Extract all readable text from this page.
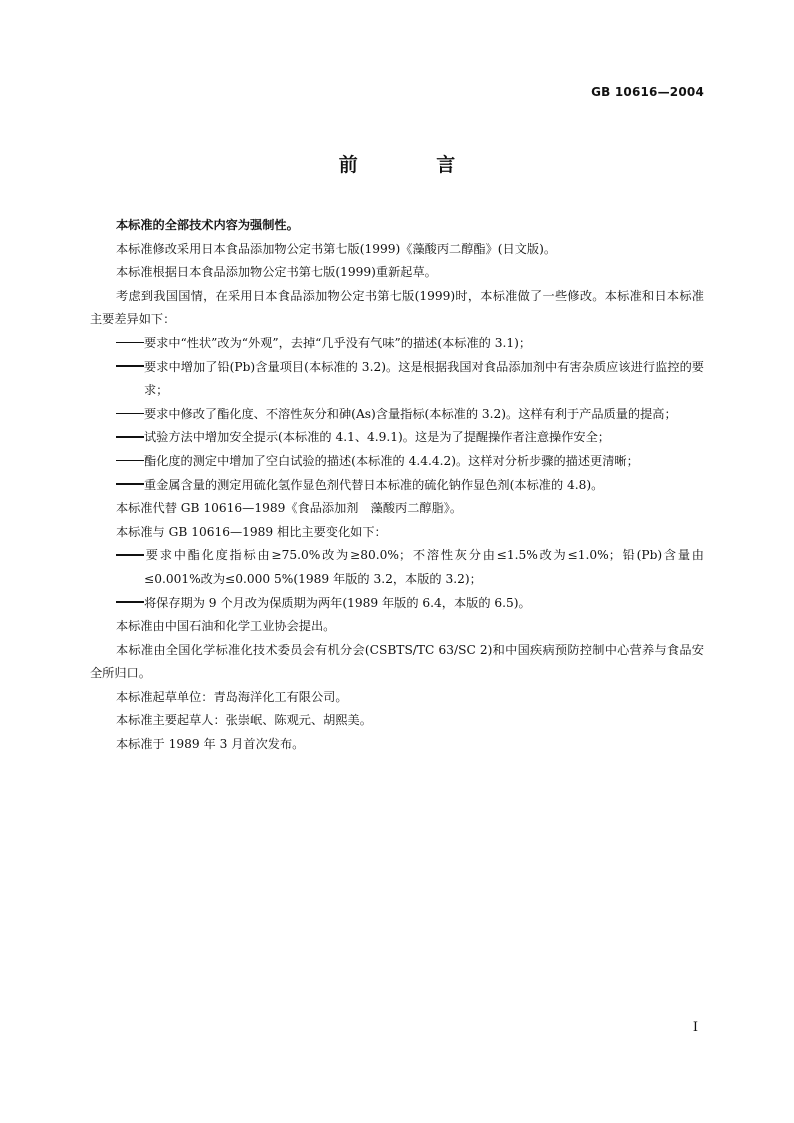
GB 10616—2004
前 言

本标准的全部技术内容为强制性。

本标准修改采用日本食品添加物公定书第七版(1999)《藻酸丙二醇酯》(日文版)。

本标准根据日本食品添加物公定书第七版(1999)重新起草。

考虑到我国国情，在采用日本食品添加物公定书第七版(1999)时，本标准做了一些修改。本标准和日本标准主要差异如下：

要求中“性状”改为“外观”，去掉“几乎没有气味”的描述(本标准的 3.1)；

要求中增加了铅(Pb)含量项目(本标准的 3.2)。这是根据我国对食品添加剂中有害杂质应该进行监控的要求；

要求中修改了酯化度、不溶性灰分和砷(As)含量指标(本标准的 3.2)。这样有利于产品质量的提高；

试验方法中增加安全提示(本标准的 4.1、4.9.1)。这是为了提醒操作者注意操作安全；

酯化度的测定中增加了空白试验的描述(本标准的 4.4.4.2)。这样对分析步骤的描述更清晰；

重金属含量的测定用硫化氢作显色剂代替日本标准的硫化钠作显色剂(本标准的 4.8)。

本标准代替 GB 10616—1989《食品添加剂　藻酸丙二醇脂》。

本标准与 GB 10616—1989 相比主要变化如下：

要求中酯化度指标由≥75.0%改为≥80.0%；不溶性灰分由≤1.5%改为≤1.0%；铅(Pb)含量由≤0.001%改为≤0.000 5%(1989 年版的 3.2，本版的 3.2)；

将保存期为 9 个月改为保质期为两年(1989 年版的 6.4，本版的 6.5)。

本标准由中国石油和化学工业协会提出。

本标准由全国化学标准化技术委员会有机分会(CSBTS/TC 63/SC 2)和中国疾病预防控制中心营养与食品安全所归口。

本标准起草单位：青岛海洋化工有限公司。

本标准主要起草人：张崇岷、陈观元、胡熙美。

本标准于 1989 年 3 月首次发布。

I
